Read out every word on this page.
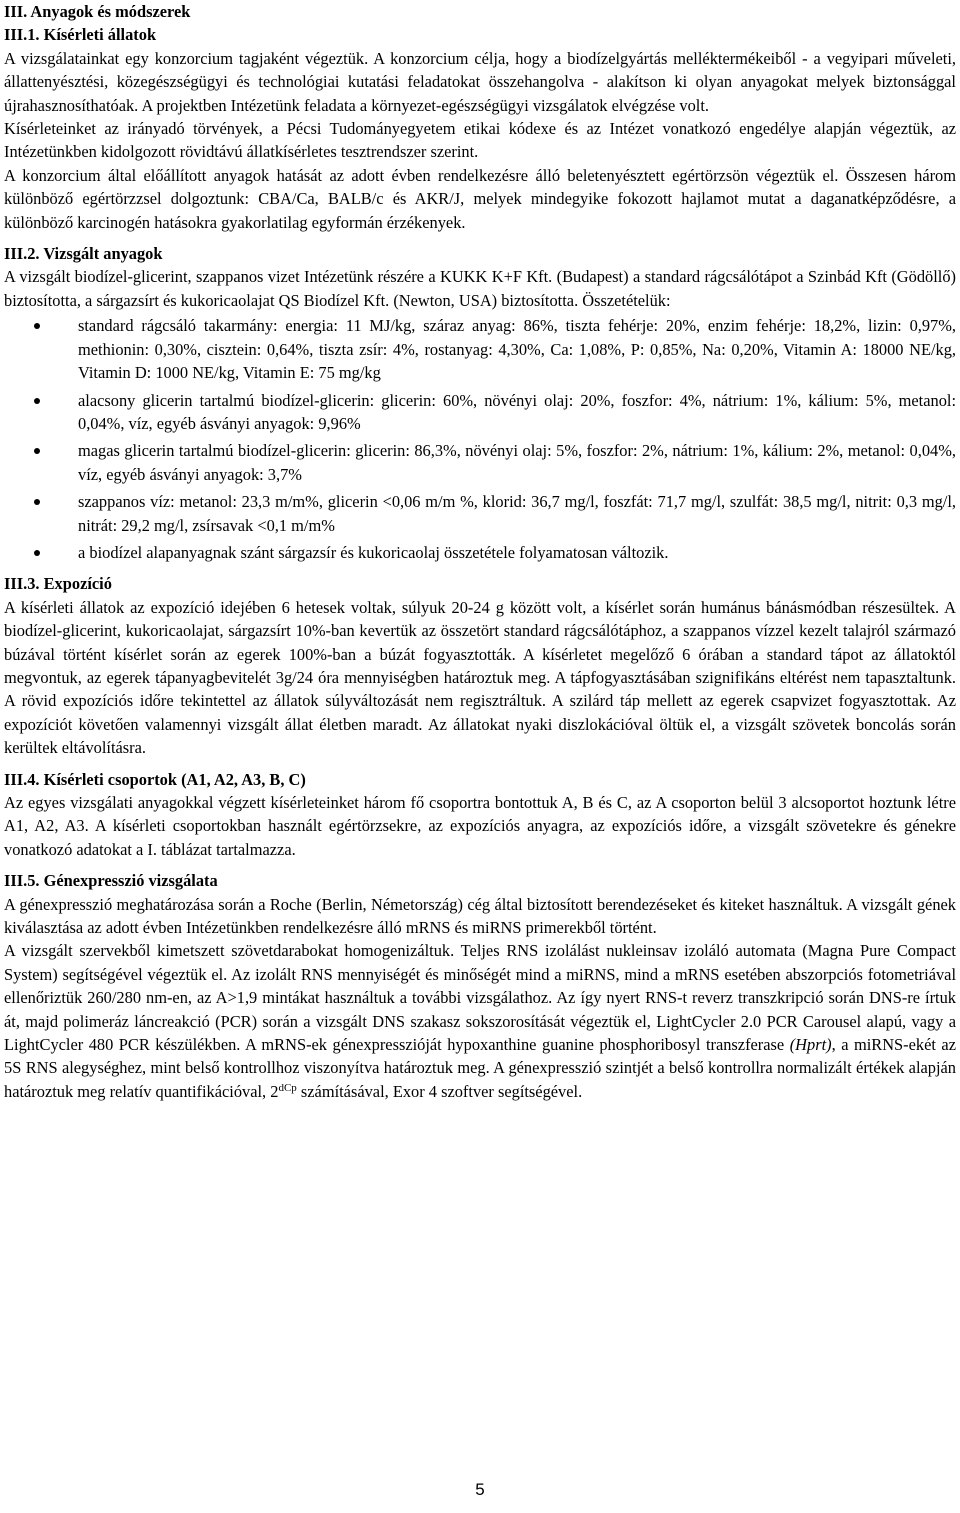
III. Anyagok és módszerek
III.1. Kísérleti állatok

A vizsgálatainkat egy konzorcium tagjaként végeztük. A konzorcium célja, hogy a biodízelgyártás melléktermékeiből - a vegyipari műveleti, állattenyésztési, közegészségügyi és technológiai kutatási feladatokat összehangolva - alakítson ki olyan anyagokat melyek biztonsággal újrahasznosíthatóak. A projektben Intézetünk feladata a környezet-egészségügyi vizsgálatok elvégzése volt.

Kísérleteinket az irányadó törvények, a Pécsi Tudományegyetem etikai kódexe és az Intézet vonatkozó engedélye alapján végeztük, az Intézetünkben kidolgozott rövidtávú állatkísérletes tesztrendszer szerint.

A konzorcium által előállított anyagok hatását az adott évben rendelkezésre álló beletenyésztett egértörzsön végeztük el. Összesen három különböző egértörzzsel dolgoztunk: CBA/Ca, BALB/c és AKR/J, melyek mindegyike fokozott hajlamot mutat a daganatképződésre, a különböző karcinogén hatásokra gyakorlatilag egyformán érzékenyek.

III.2. Vizsgált anyagok

A vizsgált biodízel-glicerint, szappanos vizet Intézetünk részére a KUKK K+F Kft. (Budapest) a standard rágcsálótápot a Szinbád Kft (Gödöllő) biztosította, a sárgazsírt és kukoricaolajat QS Biodízel Kft. (Newton, USA) biztosította. Összetételük:

standard rágcsáló takarmány: energia: 11 MJ/kg, száraz anyag: 86%, tiszta fehérje: 20%, enzim fehérje: 18,2%, lizin: 0,97%, methionin: 0,30%, cisztein: 0,64%, tiszta zsír: 4%, rostanyag: 4,30%, Ca: 1,08%, P: 0,85%, Na: 0,20%, Vitamin A: 18000 NE/kg, Vitamin D: 1000 NE/kg, Vitamin E: 75 mg/kg
alacsony glicerin tartalmú biodízel-glicerin: glicerin: 60%, növényi olaj: 20%, foszfor: 4%, nátrium: 1%, kálium: 5%, metanol: 0,04%, víz, egyéb ásványi anyagok: 9,96%
magas glicerin tartalmú biodízel-glicerin: glicerin: 86,3%, növényi olaj: 5%, foszfor: 2%, nátrium: 1%, kálium: 2%, metanol: 0,04%, víz, egyéb ásványi anyagok: 3,7%
szappanos víz: metanol: 23,3 m/m%, glicerin <0,06 m/m %, klorid: 36,7 mg/l, foszfát: 71,7 mg/l, szulfát: 38,5 mg/l, nitrit: 0,3 mg/l, nitrát: 29,2 mg/l, zsírsavak <0,1 m/m%
a biodízel alapanyagnak szánt sárgazsír és kukoricaolaj összetétele folyamatosan változik.
III.3. Expozíció

A kísérleti állatok az expozíció idejében 6 hetesek voltak, súlyuk 20-24 g között volt, a kísérlet során humánus bánásmódban részesültek. A biodízel-glicerint, kukoricaolajat, sárgazsírt 10%-ban kevertük az összetört standard rágcsálótáphoz, a szappanos vízzel kezelt talajról származó búzával történt kísérlet során az egerek 100%-ban a búzát fogyasztották. A kísérletet megelőző 6 órában a standard tápot az állatoktól megvontuk, az egerek tápanyagbevitelét 3g/24 óra mennyiségben határoztuk meg. A tápfogyasztásában szignifikáns eltérést nem tapasztaltunk. A rövid expozíciós időre tekintettel az állatok súlyváltozását nem regisztráltuk. A szilárd táp mellett az egerek csapvizet fogyasztottak. Az expozíciót követően valamennyi vizsgált állat életben maradt. Az állatokat nyaki diszlokációval öltük el, a vizsgált szövetek boncolás során kerültek eltávolításra.

III.4. Kísérleti csoportok (A1, A2, A3, B, C)

Az egyes vizsgálati anyagokkal végzett kísérleteinket három fő csoportra bontottuk A, B és C, az A csoporton belül 3 alcsoportot hoztunk létre A1, A2, A3. A kísérleti csoportokban használt egértörzsekre, az expozíciós anyagra, az expozíciós időre, a vizsgált szövetekre és génekre vonatkozó adatokat a I. táblázat tartalmazza.

III.5. Génexpresszió vizsgálata

A génexpresszió meghatározása során a Roche (Berlin, Németország) cég által biztosított berendezéseket és kiteket használtuk. A vizsgált gének kiválasztása az adott évben Intézetünkben rendelkezésre álló mRNS és miRNS primerekből történt.

A vizsgált szervekből kimetszett szövetdarabokat homogenizáltuk. Teljes RNS izolálást nukleinsav izoláló automata (Magna Pure Compact System) segítségével végeztük el. Az izolált RNS mennyiségét és minőségét mind a miRNS, mind a mRNS esetében abszorpciós fotometriával ellenőriztük 260/280 nm-en, az A>1,9 mintákat használtuk a további vizsgálathoz. Az így nyert RNS-t reverz transzkripció során DNS-re írtuk át, majd polimeráz láncreakció (PCR) során a vizsgált DNS szakasz sokszorosítását végeztük el, LightCycler 2.0 PCR Carousel alapú, vagy a LightCycler 480 PCR készülékben. A mRNS-ek génexpresszióját hypoxanthine guanine phosphoribosyl transzferase (Hprt), a miRNS-ekét az 5S RNS alegységhez, mint belső kontrollhoz viszonyítva határoztuk meg. A génexpresszió szintjét a belső kontrollra normalizált értékek alapján határoztuk meg relatív quantifikációval, $2^{dCp}$ számításával, Exor 4 szoftver segítségével.

5
